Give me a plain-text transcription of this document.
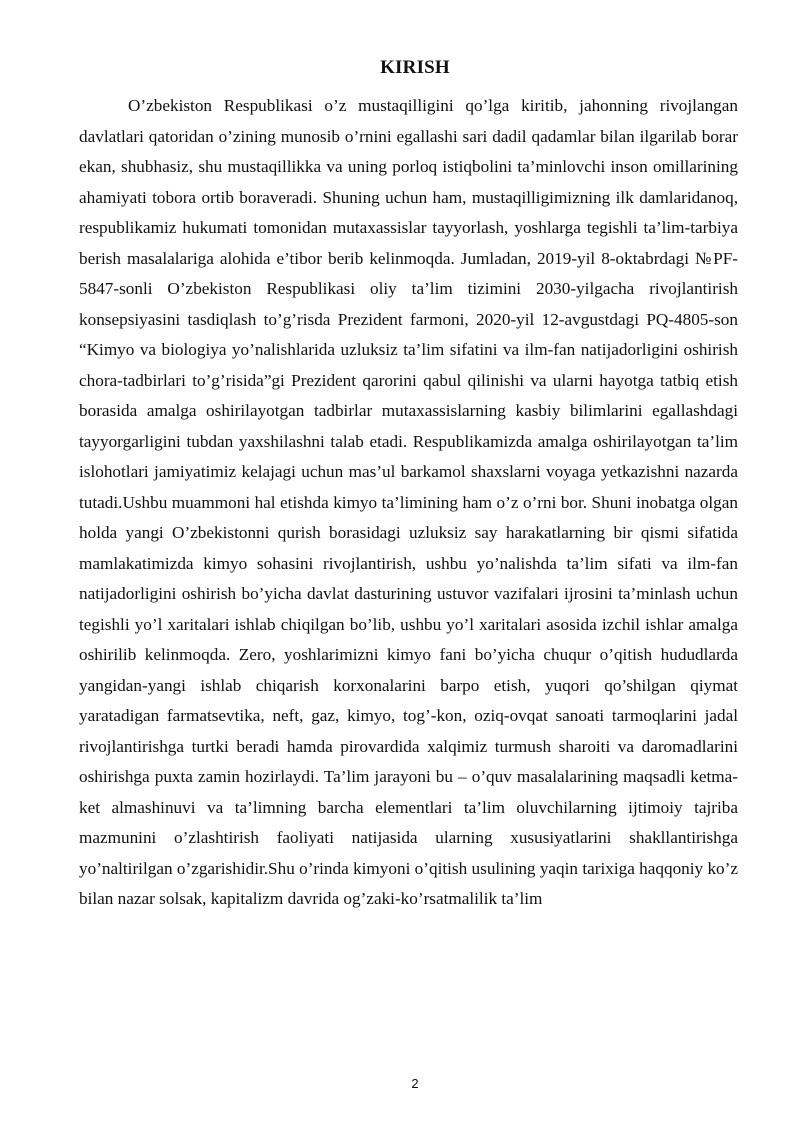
KIRISH

O’zbekiston Respublikasi o’z mustaqilligini qo’lga kiritib, jahonning rivojlangan davlatlari qatoridan o’zining munosib o’rnini egallashi sari dadil qadamlar bilan ilgarilab borar ekan, shubhasiz, shu mustaqillikka va uning porloq istiqbolini ta’minlovchi inson omillarining ahamiyati tobora ortib boraveradi. Shuning uchun ham, mustaqilligimizning ilk damlaridanoq, respublikamiz hukumati tomonidan mutaxassislar tayyorlash, yoshlarga tegishli ta’lim-tarbiya berish masalalariga alohida e’tibor berib kelinmoqda. Jumladan, 2019-yil 8-oktabrdagi №PF-5847-sonli O’zbekiston Respublikasi oliy ta’lim tizimini 2030-yilgacha rivojlantirish konsepsiyasini tasdiqlash to’g’risda Prezident farmoni, 2020-yil 12-avgustdagi PQ-4805-son “Kimyo va biologiya yo’nalishlarida uzluksiz ta’lim sifatini va ilm-fan natijadorligini oshirish chora-tadbirlari to’g’risida”gi Prezident qarorini qabul qilinishi va ularni hayotga tatbiq etish borasida amalga oshirilayotgan tadbirlar mutaxassislarning kasbiy bilimlarini egallashdagi tayyorgarligini tubdan yaxshilashni talab etadi. Respublikamizda amalga oshirilayotgan ta’lim islohotlari jamiyatimiz kelajagi uchun mas’ul barkamol shaxslarni voyaga yetkazishni nazarda tutadi.Ushbu muammoni hal etishda kimyo ta’limining ham o’z o’rni bor. Shuni inobatga olgan holda yangi O’zbekistonni qurish borasidagi uzluksiz say harakatlarning bir qismi sifatida mamlakatimizda kimyo sohasini rivojlantirish, ushbu yo’nalishda ta’lim sifati va ilm-fan natijadorligini oshirish bo’yicha davlat dasturining ustuvor vazifalari ijrosini ta’minlash uchun tegishli yo’l xaritalari ishlab chiqilgan bo’lib, ushbu yo’l xaritalari asosida izchil ishlar amalga oshirilib kelinmoqda. Zero, yoshlarimizni kimyo fani bo’yicha chuqur o’qitish hududlarda yangidan-yangi ishlab chiqarish korxonalarini barpo etish, yuqori qo’shilgan qiymat yaratadigan farmatsevtika, neft, gaz, kimyo, tog’-kon, oziq-ovqat sanoati tarmoqlarini jadal rivojlantirishga turtki beradi hamda pirovardida xalqimiz turmush sharoiti va daromadlarini oshirishga puxta zamin hozirlaydi. Ta’lim jarayoni bu – o’quv masalalarining maqsadli ketma-ket almashinuvi va ta’limning barcha elementlari ta’lim oluvchilarning ijtimoiy tajriba mazmunini o’zlashtirish faoliyati natijasida ularning xususiyatlarini shakllantirishga yo’naltirilgan o’zgarishidir.Shu o’rinda kimyoni o’qitish usulining yaqin tarixiga haqqoniy ko’z bilan nazar solsak, kapitalizm davrida og’zaki-ko’rsatmalilik ta’lim

2
